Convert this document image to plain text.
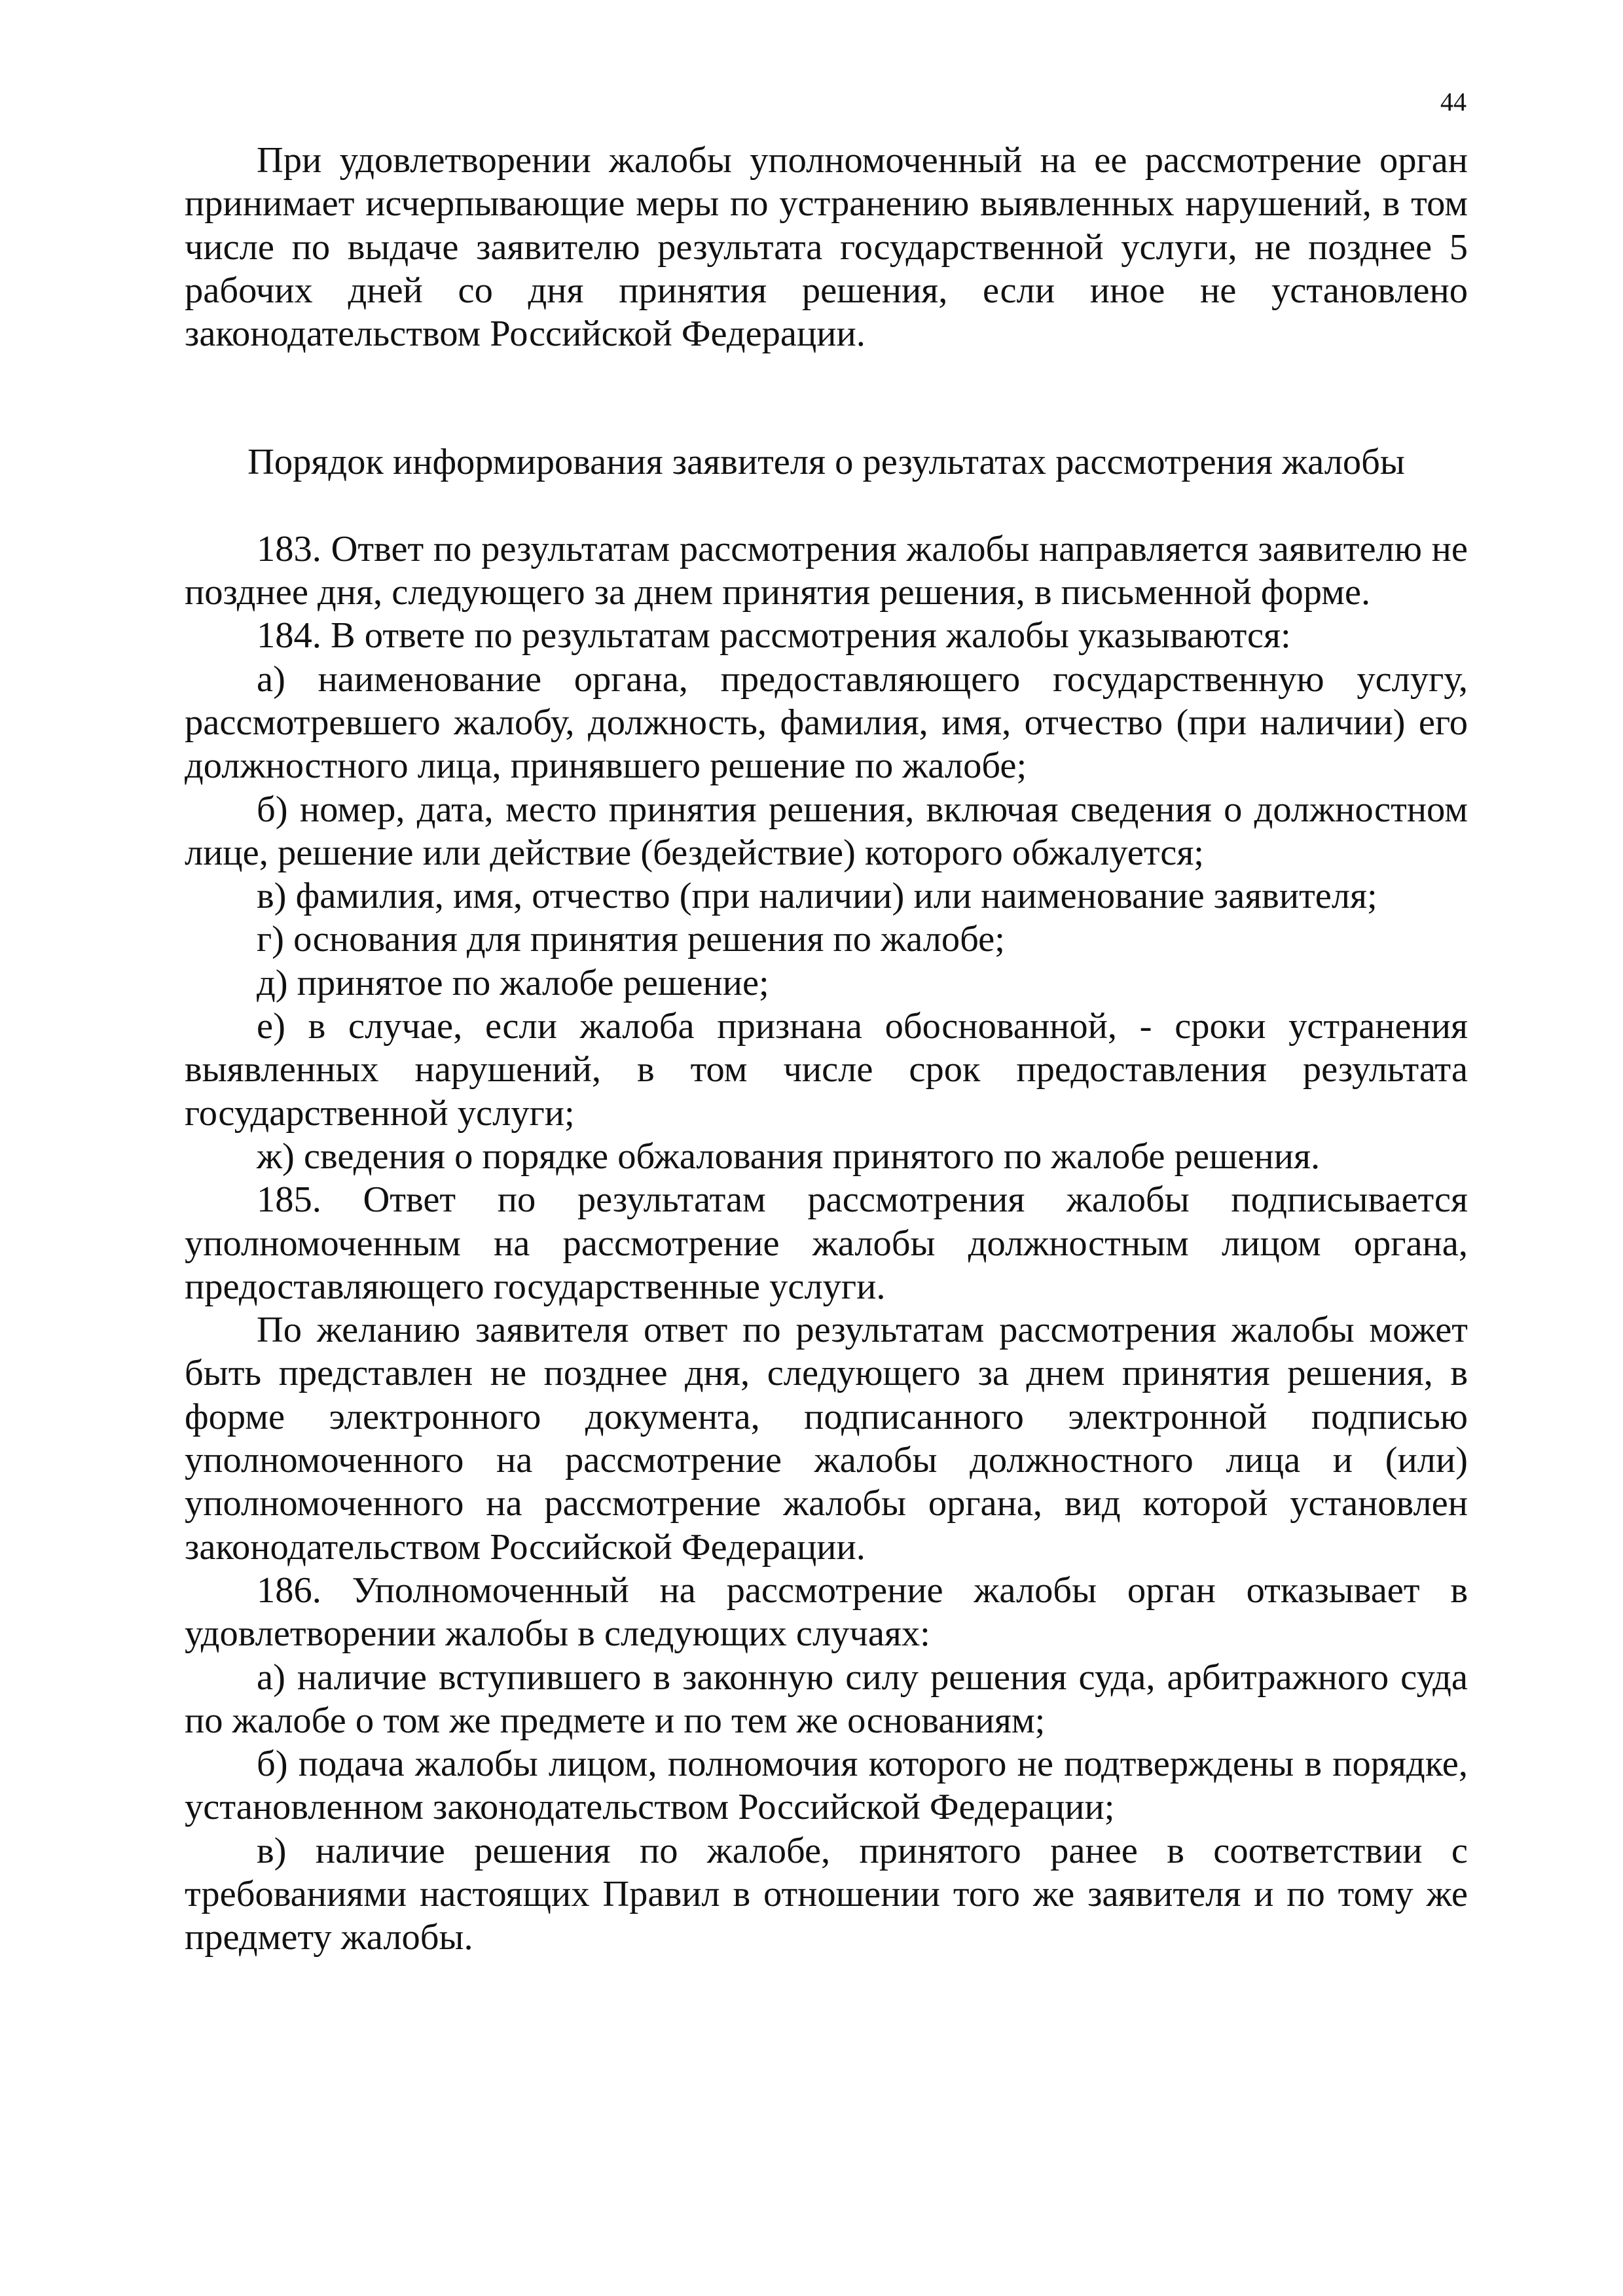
44

При удовлетворении жалобы уполномоченный на ее рассмотрение орган принимает исчерпывающие меры по устранению выявленных нарушений, в том числе по выдаче заявителю результата государственной услуги, не позднее 5 рабочих дней со дня принятия решения, если иное не установлено законодательством Российской Федерации.

Порядок информирования заявителя о результатах рассмотрения жалобы

183. Ответ по результатам рассмотрения жалобы направляется заявителю не позднее дня, следующего за днем принятия решения, в письменной форме.

184. В ответе по результатам рассмотрения жалобы указываются:

а) наименование органа, предоставляющего государственную услугу, рассмотревшего жалобу, должность, фамилия, имя, отчество (при наличии) его должностного лица, принявшего решение по жалобе;

б) номер, дата, место принятия решения, включая сведения о должностном лице, решение или действие (бездействие) которого обжалуется;

в) фамилия, имя, отчество (при наличии) или наименование заявителя;

г) основания для принятия решения по жалобе;

д) принятое по жалобе решение;

е) в случае, если жалоба признана обоснованной, - сроки устранения выявленных нарушений, в том числе срок предоставления результата государственной услуги;

ж) сведения о порядке обжалования принятого по жалобе решения.

185. Ответ по результатам рассмотрения жалобы подписывается уполномоченным на рассмотрение жалобы должностным лицом органа, предоставляющего государственные услуги.

По желанию заявителя ответ по результатам рассмотрения жалобы может быть представлен не позднее дня, следующего за днем принятия решения, в форме электронного документа, подписанного электронной подписью уполномоченного на рассмотрение жалобы должностного лица и (или) уполномоченного на рассмотрение жалобы органа, вид которой установлен законодательством Российской Федерации.

186. Уполномоченный на рассмотрение жалобы орган отказывает в удовлетворении жалобы в следующих случаях:

а) наличие вступившего в законную силу решения суда, арбитражного суда по жалобе о том же предмете и по тем же основаниям;

б) подача жалобы лицом, полномочия которого не подтверждены в порядке, установленном законодательством Российской Федерации;

в) наличие решения по жалобе, принятого ранее в соответствии с требованиями настоящих Правил в отношении того же заявителя и по тому же предмету жалобы.
